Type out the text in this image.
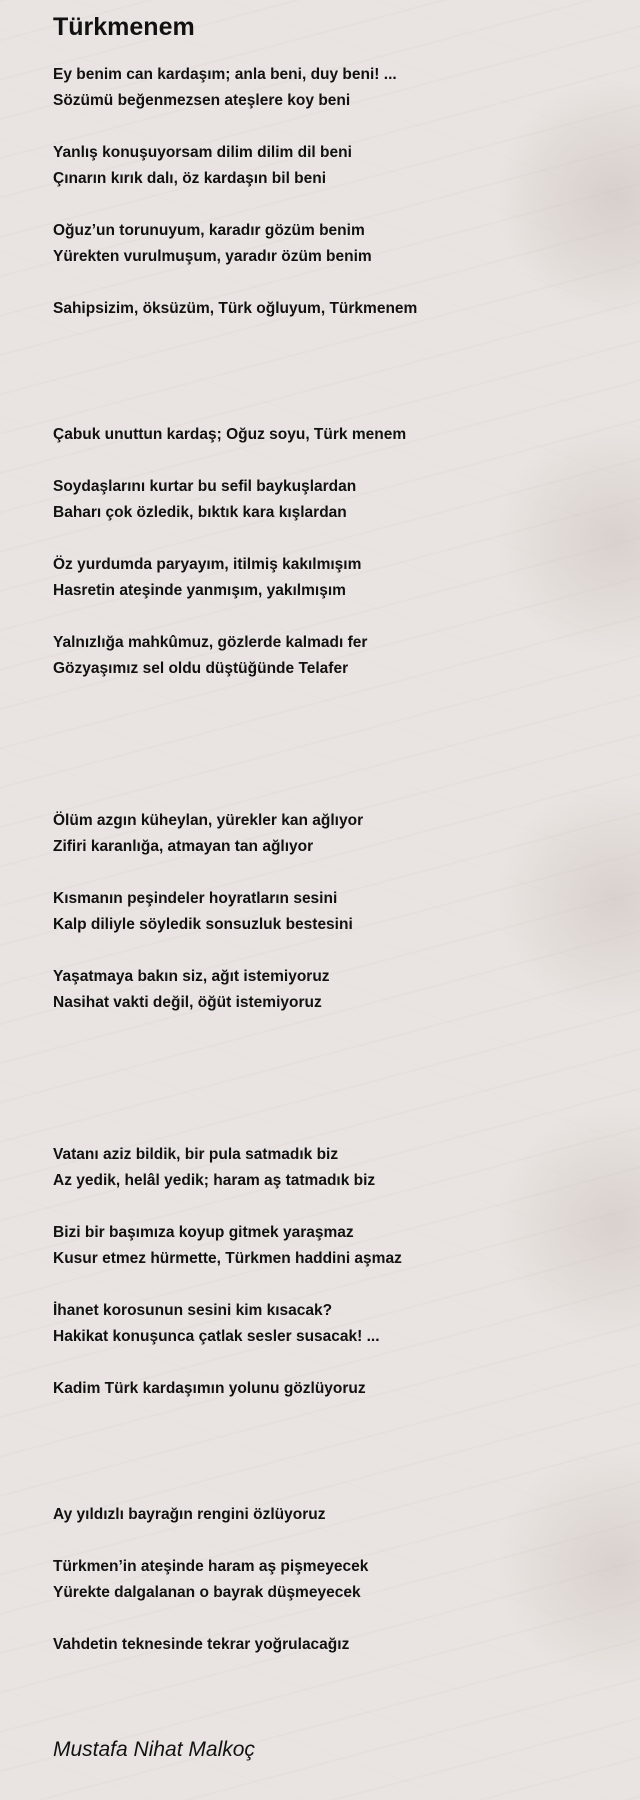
Türkmenem
Ey benim can kardaşım; anla beni, duy beni! ...
Sözümü beğenmezsen ateşlere koy beni
Yanlış konuşuyorsam dilim dilim dil beni
Çınarın kırık dalı, öz kardaşın bil beni
Oğuz’un torunuyum, karadır gözüm benim
Yürekten vurulmuşum, yaradır özüm benim
Sahipsizim, öksüzüm, Türk oğluyum, Türkmenem
Çabuk unuttun kardaş; Oğuz soyu, Türk menem
Soydaşlarını kurtar bu sefil baykuşlardan
Baharı çok özledik, bıktık kara kışlardan
Öz yurdumda paryayım, itilmiş kakılmışım
Hasretin ateşinde yanmışım, yakılmışım
Yalnızlığa mahkûmuz, gözlerde kalmadı fer
Gözyaşımız sel oldu düştüğünde Telafer
Ölüm azgın küheylan, yürekler kan ağlıyor
Zifiri karanlığa, atmayan tan ağlıyor
Kısmanın peşindeler hoyratların sesini
Kalp diliyle söyledik sonsuzluk bestesini
Yaşatmaya bakın siz, ağıt istemiyoruz
Nasihat vakti değil, öğüt istemiyoruz
Vatanı aziz bildik, bir pula satmadık biz
Az yedik, helâl yedik; haram aş tatmadık biz
Bizi bir başımıza koyup gitmek yaraşmaz
Kusur etmez hürmette, Türkmen haddini aşmaz
İhanet korosunun sesini kim kısacak?
Hakikat konuşunca çatlak sesler susacak! ...
Kadim Türk kardaşımın yolunu gözlüyoruz
Ay yıldızlı bayrağın rengini özlüyoruz
Türkmen’in ateşinde haram aş pişmeyecek
Yürekte dalgalanan o bayrak düşmeyecek
Vahdetin teknesinde tekrar yoğrulacağız
Mustafa Nihat Malkoç
